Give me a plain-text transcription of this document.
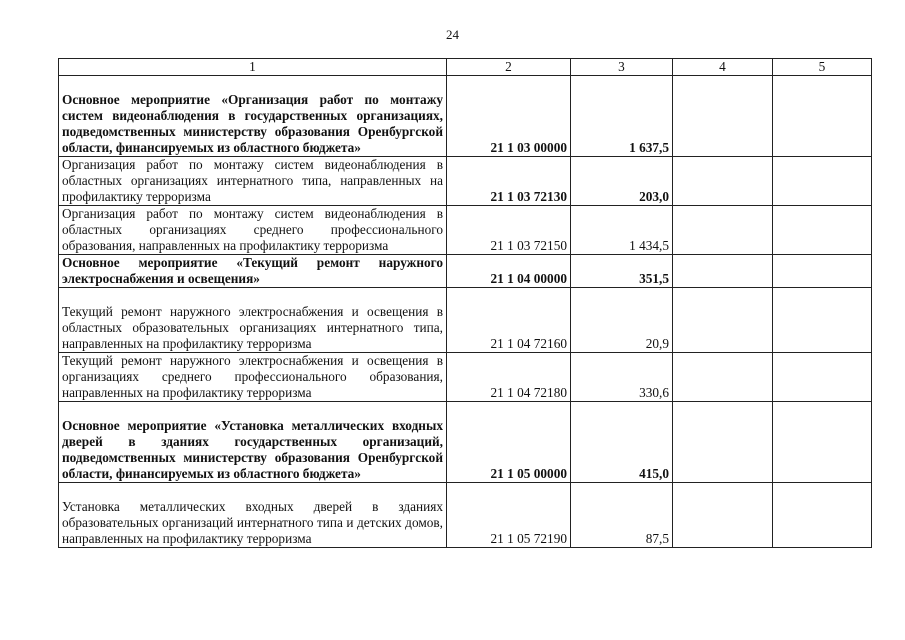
24
1	2	3	4	5
Основное мероприятие «Организация работ по монтажу систем видеонаблюдения в государственных организациях, подведомственных министерству образования Оренбургской области, финансируемых из областного бюджета»	21 1 03 00000	1 637,5		
Организация работ по монтажу систем видеонаблюдения в областных организациях интернатного типа, направленных на профилактику терроризма	21 1 03 72130	203,0		
Организация работ по монтажу систем видеонаблюдения в областных организациях среднего профессионального образования, направленных на профилактику терроризма	21 1 03 72150	1 434,5		
Основное мероприятие «Текущий ремонт наружного электроснабжения и освещения»	21 1 04 00000	351,5		
Текущий ремонт наружного электроснабжения и освещения в областных образовательных организациях интернатного типа, направленных на профилактику терроризма	21 1 04 72160	20,9		
Текущий ремонт наружного электроснабжения и освещения в организациях среднего профессионального образования, направленных на профилактику терроризма	21 1 04 72180	330,6		
Основное мероприятие «Установка металлических входных дверей в зданиях государственных организаций, подведомственных министерству образования Оренбургской области, финансируемых из областного бюджета»	21 1 05 00000	415,0		
Установка металлических входных дверей в зданиях образовательных организаций интернатного типа и детских домов, направленных на профилактику терроризма	21 1 05 72190	87,5		
